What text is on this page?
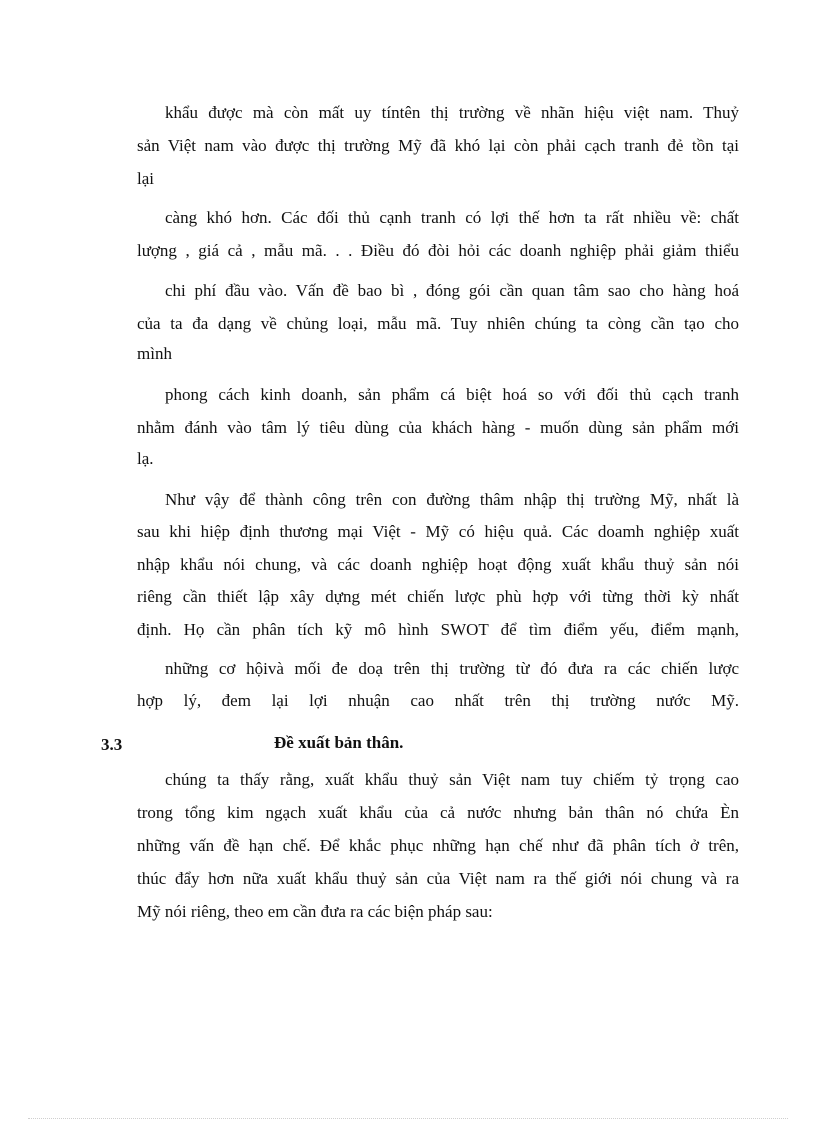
khẩu được mà còn mất uy tíntên thị trường về nhãn hiệu việt nam. Thuỷ
sản Việt nam vào được thị trường Mỹ đã khó lại còn phải cạch tranh đẻ tồn tại
lại
càng khó hơn. Các đối thủ cạnh tranh có lợi thế hơn ta rất nhiều về: chất
lượng , giá cả , mẫu mã. . . Điều đó đòi hỏi các doanh nghiệp phải giảm thiểu
chi phí đầu vào. Vấn đề bao bì , đóng gói cần quan tâm sao cho hàng hoá
của ta đa dạng về chủng loại, mẫu mã. Tuy nhiên chúng ta còng cần tạo cho
mình
phong cách kinh doanh, sản phẩm cá biệt hoá so với đối thủ cạch tranh
nhằm đánh vào tâm lý tiêu dùng của khách hàng - muốn dùng sản phẩm mới
lạ.
Như vậy để thành công trên con đường thâm nhập thị trường Mỹ, nhất là
sau khi hiệp định thương mại Việt - Mỹ có hiệu quả. Các doamh nghiệp xuất
nhập khẩu nói chung, và các doanh nghiệp hoạt động xuất khẩu thuỷ sản nói
riêng cần thiết lập xây dựng mét chiến lược phù hợp với từng thời kỳ nhất
định. Họ cần phân tích kỹ mô hình SWOT để tìm điểm yếu, điểm mạnh,
những cơ hộivà mối đe doạ trên thị trường từ đó đưa ra các chiến lược
hợp lý, đem lại lợi nhuận cao nhất trên thị trường nước Mỹ.
3.3	Đề xuất bản thân.
chúng ta thấy rằng, xuất khẩu thuỷ sản Việt nam tuy chiếm tỷ trọng cao
trong tổng kim ngạch xuất khẩu của cả nước nhưng bản thân nó chứa Èn
những vấn đề hạn chế. Để khắc phục những hạn chế như đã phân tích ở trên,
thúc đẩy hơn nữa xuất khẩu thuỷ sản của Việt nam ra thế giới nói chung và ra
Mỹ nói riêng, theo em cần đưa ra các biện pháp sau:
